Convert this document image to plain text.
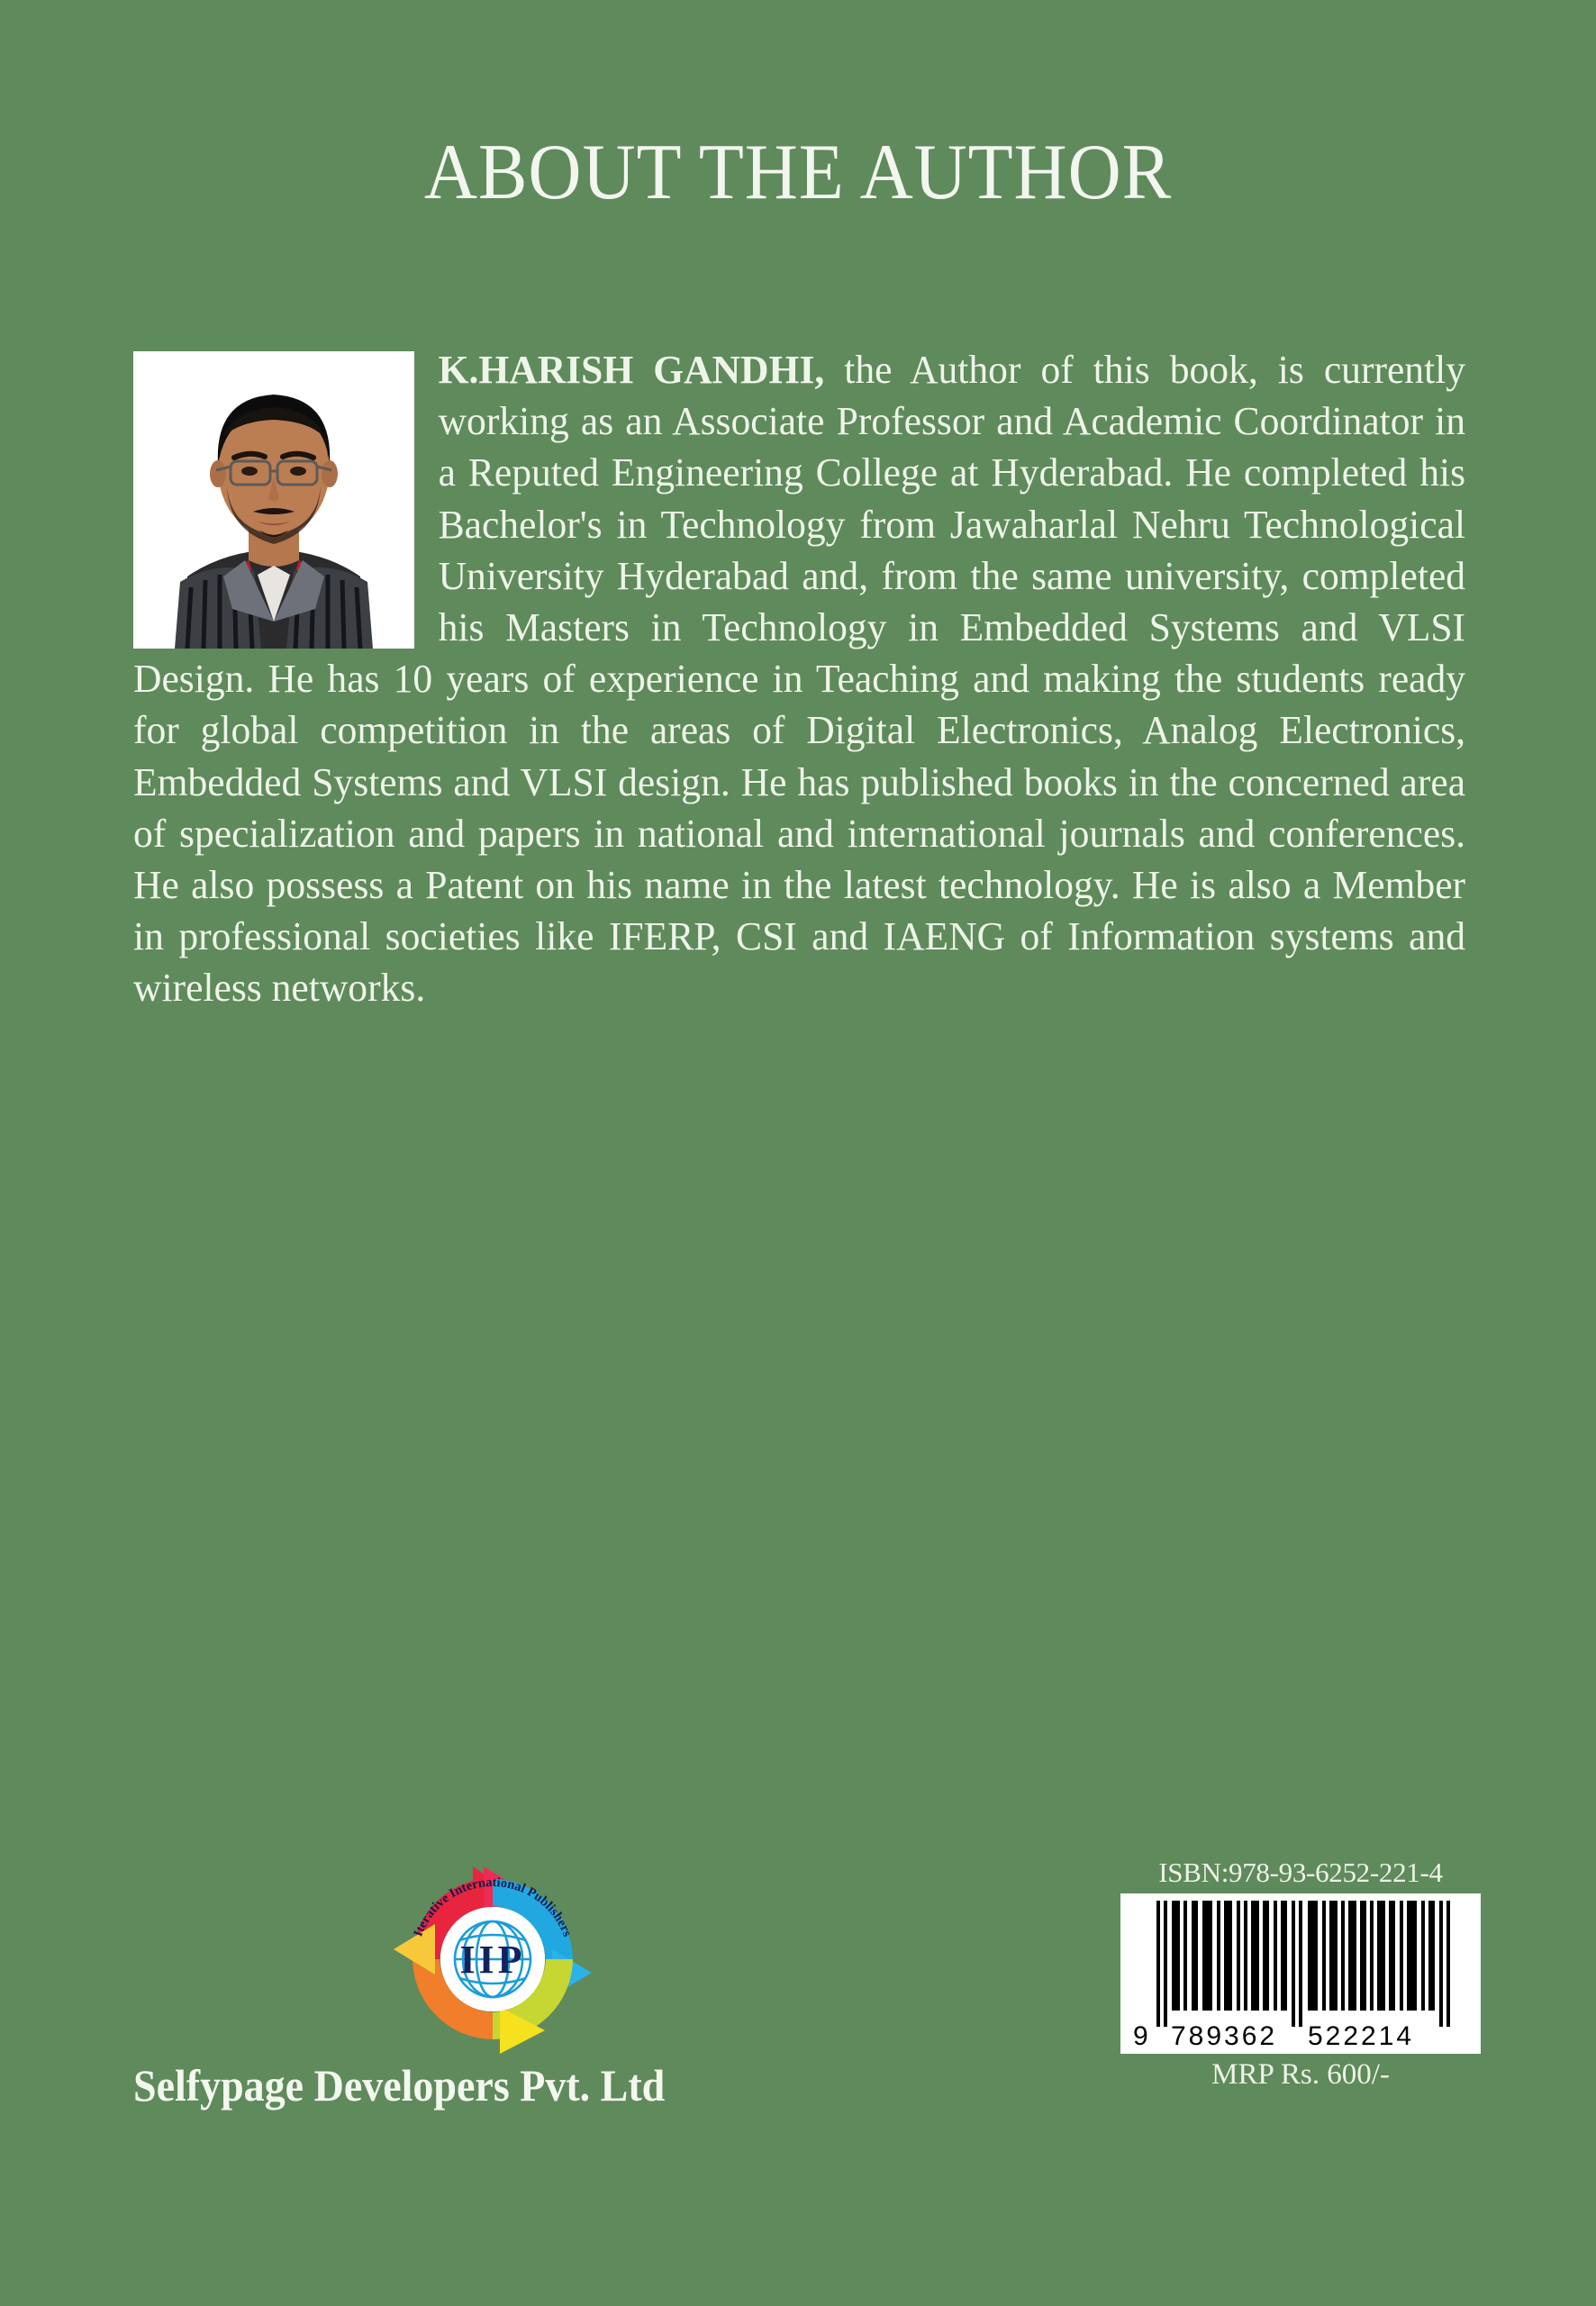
ABOUT THE AUTHOR
K.HARISH GANDHI, the Author of this book, is currently working as an Associate Professor and Academic Coordinator in a Reputed Engineering College at Hyderabad. He completed his Bachelor's in Technology from Jawaharlal Nehru Technological University Hyderabad and, from the same university, completed his Masters in Technology in Embedded Systems and VLSI Design. He has 10 years of experience in Teaching and making the students ready for global competition in the areas of Digital Electronics, Analog Electronics, Embedded Systems and VLSI design. He has published books in the concerned area of specialization and papers in national and international journals and conferences. He also possess a Patent on his name in the latest technology. He is also a Member in professional societies like IFERP, CSI and IAENG of Information systems and wireless networks.
IIP
Iterative International Publishers
Selfypage Developers Pvt. Ltd
ISBN:978-93-6252-221-4
9 789362 522214
MRP Rs. 600/-
